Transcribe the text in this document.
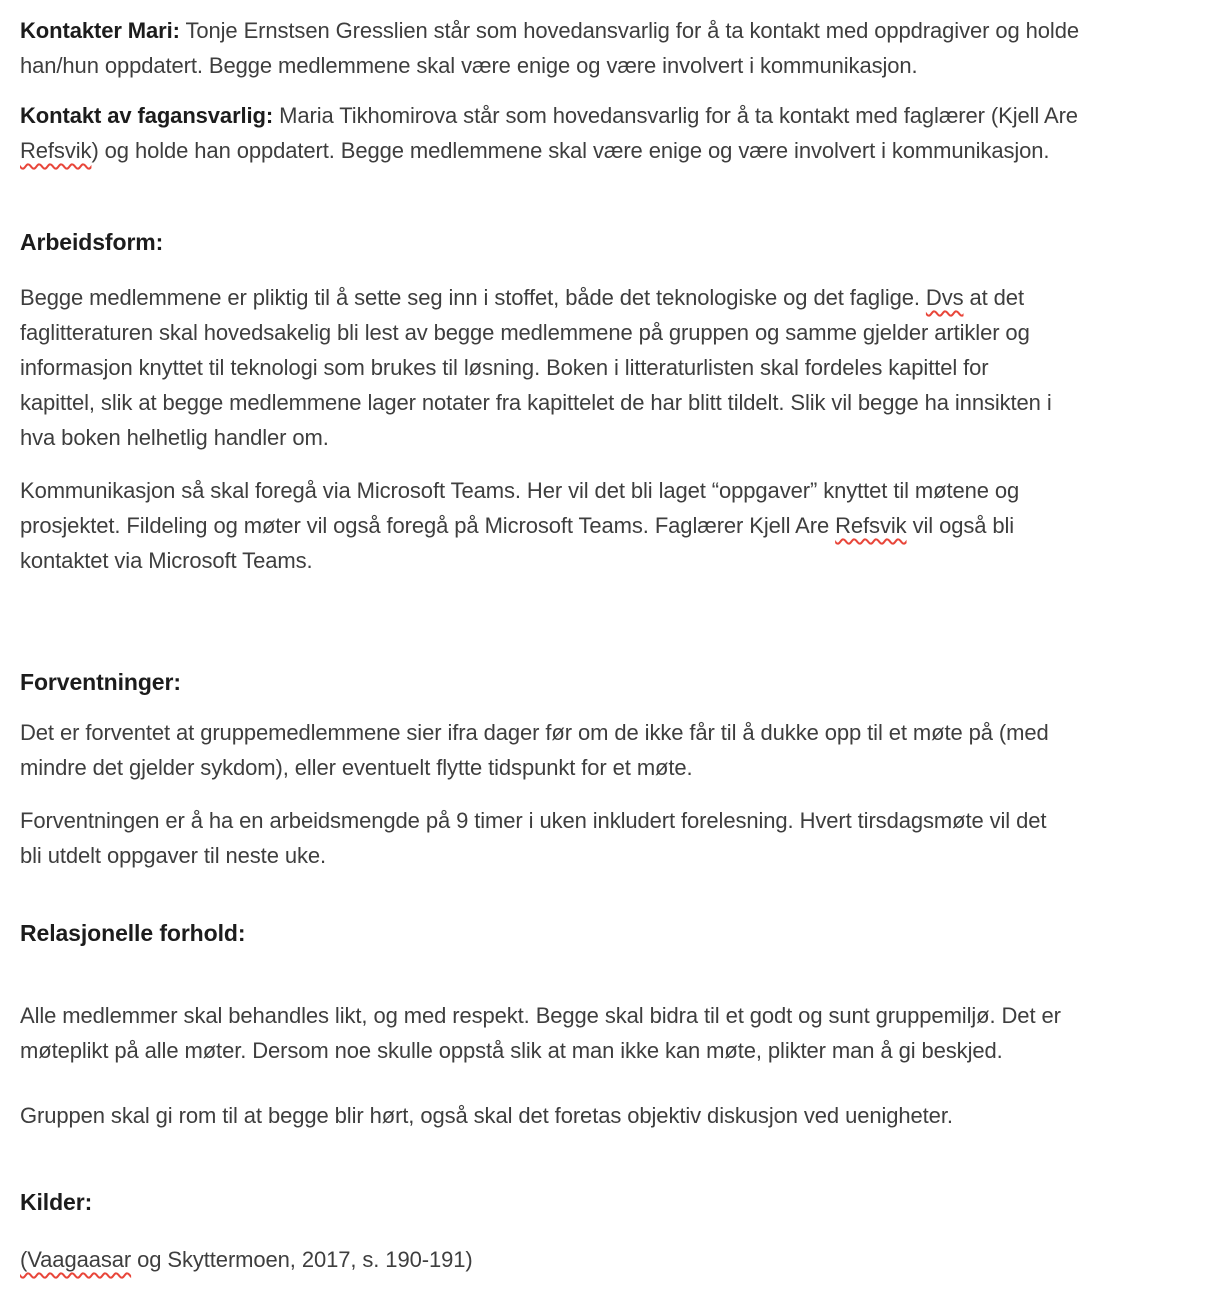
Kontakter Mari: Tonje Ernstsen Gresslien står som hovedansvarlig for å ta kontakt med oppdragiver og holde
han/hun oppdatert. Begge medlemmene skal være enige og være involvert i kommunikasjon.
Kontakt av fagansvarlig: Maria Tikhomirova står som hovedansvarlig for å ta kontakt med faglærer (Kjell Are
Refsvik) og holde han oppdatert. Begge medlemmene skal være enige og være involvert i kommunikasjon.
Arbeidsform:
Begge medlemmene er pliktig til å sette seg inn i stoffet, både det teknologiske og det faglige. Dvs at det
faglitteraturen skal hovedsakelig bli lest av begge medlemmene på gruppen og samme gjelder artikler og
informasjon knyttet til teknologi som brukes til løsning. Boken i litteraturlisten skal fordeles kapittel for
kapittel, slik at begge medlemmene lager notater fra kapittelet de har blitt tildelt. Slik vil begge ha innsikten i
hva boken helhetlig handler om.
Kommunikasjon så skal foregå via Microsoft Teams. Her vil det bli laget “oppgaver” knyttet til møtene og
prosjektet. Fildeling og møter vil også foregå på Microsoft Teams. Faglærer Kjell Are Refsvik vil også bli
kontaktet via Microsoft Teams.
Forventninger:
Det er forventet at gruppemedlemmene sier ifra dager før om de ikke får til å dukke opp til et møte på (med
mindre det gjelder sykdom), eller eventuelt flytte tidspunkt for et møte.
Forventningen er å ha en arbeidsmengde på 9 timer i uken inkludert forelesning. Hvert tirsdagsmøte vil det
bli utdelt oppgaver til neste uke.
Relasjonelle forhold:
Alle medlemmer skal behandles likt, og med respekt. Begge skal bidra til et godt og sunt gruppemiljø. Det er
møteplikt på alle møter. Dersom noe skulle oppstå slik at man ikke kan møte, plikter man å gi beskjed.
Gruppen skal gi rom til at begge blir hørt, også skal det foretas objektiv diskusjon ved uenigheter.
Kilder:
(Vaagaasar og Skyttermoen, 2017, s. 190-191)
